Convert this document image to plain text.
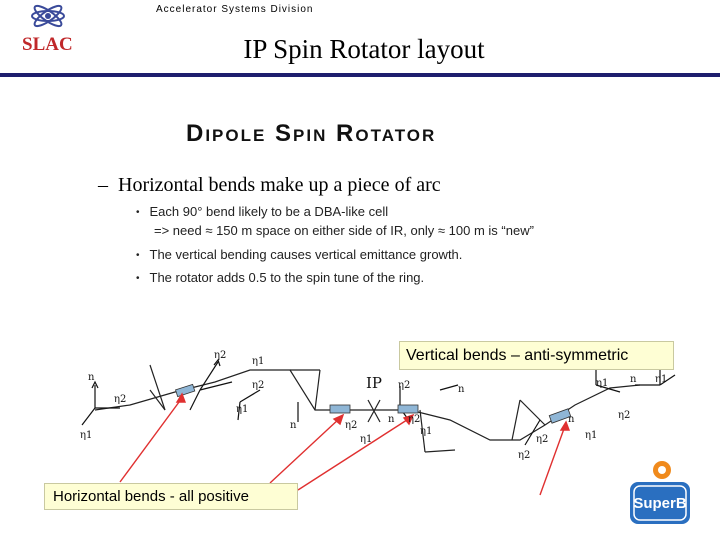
SLAC
Accelerator Systems Division
IP Spin Rotator layout
Dipole Spin Rotator
– Horizontal bends make up a piece of arc
• Each 90° bend likely to be a DBA-like cell
=> need ≈ 150 m space on either side of IR, only ≈ 100 m is “new”
• The vertical bending causes vertical emittance growth.
• The rotator adds 0.5 to the spin tune of the ring.
IP
n
η2
η1
η2
η1
η2
η1
n	η2
η1
η2
η2
n
n
η1
η2
η2
n
η1
η1
η2
n η1
Vertical bends – anti-symmetric
Horizontal bends - all positive	SuperB
